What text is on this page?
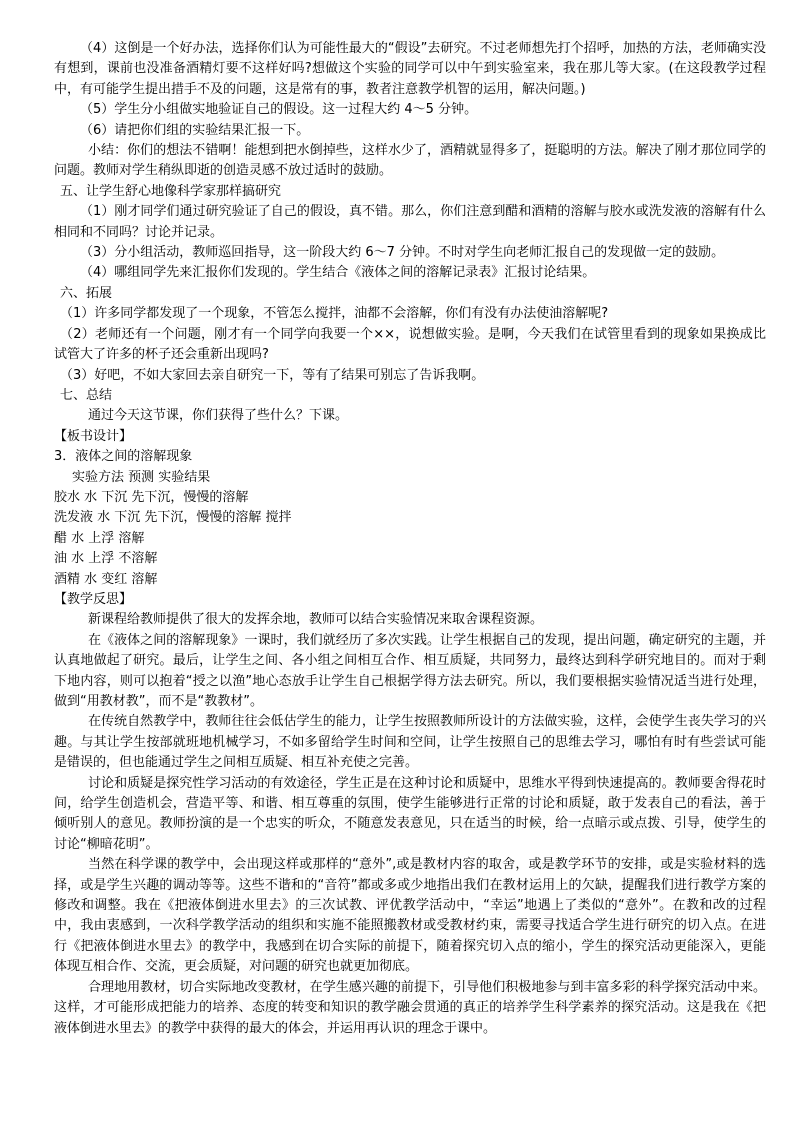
（4）这倒是一个好办法，选择你们认为可能性最大的“假设”去研究。不过老师想先打个招呼，加热的方法，老师确实没有想到，课前也没准备酒精灯要不这样好吗?想做这个实验的同学可以中午到实验室来，我在那儿等大家。(在这段教学过程中，有可能学生提出措手不及的问题，这是常有的事，教者注意教学机智的运用，解决问题。)

（5）学生分小组做实地验证自己的假设。这一过程大约 4～5 分钟。

（6）请把你们组的实验结果汇报一下。

小结：你们的想法不错啊！能想到把水倒掉些，这样水少了，酒精就显得多了，挺聪明的方法。解决了刚才那位同学的问题。教师对学生稍纵即逝的创造灵感不放过适时的鼓励。

五、让学生舒心地像科学家那样搞研究

（1）刚才同学们通过研究验证了自己的假设，真不错。那么，你们注意到醋和酒精的溶解与胶水或洗发液的溶解有什么相同和不同吗？讨论并记录。

（3）分小组活动，教师巡回指导，这一阶段大约 6～7 分钟。不时对学生向老师汇报自己的发现做一定的鼓励。

（4）哪组同学先来汇报你们发现的。学生结合《液体之间的溶解记录表》汇报讨论结果。

六、拓展

（1）许多同学都发现了一个现象，不管怎么搅拌，油都不会溶解，你们有没有办法使油溶解呢?

（2）老师还有一个问题，刚才有一个同学向我要一个××，说想做实验。是啊，今天我们在试管里看到的现象如果换成比试管大了许多的杯子还会重新出现吗?

（3）好吧，不如大家回去亲自研究一下，等有了结果可别忘了告诉我啊。

七、总结

通过今天这节课，你们获得了些什么？下课。

【板书设计】

3．液体之间的溶解现象

实验方法 预测 实验结果

胶水 水 下沉 先下沉，慢慢的溶解

洗发液 水 下沉 先下沉，慢慢的溶解 搅拌

醋 水 上浮 溶解

油 水 上浮 不溶解

酒精 水 变红 溶解

【教学反思】

新课程给教师提供了很大的发挥余地，教师可以结合实验情况来取舍课程资源。

在《液体之间的溶解现象》一课时，我们就经历了多次实践。让学生根据自己的发现，提出问题，确定研究的主题，并认真地做起了研究。最后，让学生之间、各小组之间相互合作、相互质疑，共同努力，最终达到科学研究地目的。而对于剩下地内容，则可以抱着“授之以渔”地心态放手让学生自己根据学得方法去研究。所以，我们要根据实验情况适当进行处理，做到“用教材教”，而不是“教教材”。

在传统自然教学中，教师往往会低估学生的能力，让学生按照教师所设计的方法做实验，这样，会使学生丧失学习的兴趣。与其让学生按部就班地机械学习，不如多留给学生时间和空间，让学生按照自己的思维去学习，哪怕有时有些尝试可能是错误的，但也能通过学生之间相互质疑、相互补充使之完善。

讨论和质疑是探究性学习活动的有效途径，学生正是在这种讨论和质疑中，思维水平得到快速提高的。教师要舍得花时间，给学生创造机会，营造平等、和谐、相互尊重的氛围，使学生能够进行正常的讨论和质疑，敢于发表自己的看法，善于倾听别人的意见。教师扮演的是一个忠实的听众，不随意发表意见，只在适当的时候，给一点暗示或点拨、引导，使学生的讨论“柳暗花明”。

当然在科学课的教学中，会出现这样或那样的“意外”,或是教材内容的取舍，或是教学环节的安排，或是实验材料的选择，或是学生兴趣的调动等等。这些不谐和的“音符”都或多或少地指出我们在教材运用上的欠缺，提醒我们进行教学方案的修改和调整。我在《把液体倒进水里去》的三次试教、评优教学活动中，“幸运”地遇上了类似的“意外”。在教和改的过程中，我由衷感到，一次科学教学活动的组织和实施不能照搬教材或受教材约束，需要寻找适合学生进行研究的切入点。在进行《把液体倒进水里去》的教学中，我感到在切合实际的前提下，随着探究切入点的缩小，学生的探究活动更能深入，更能体现互相合作、交流，更会质疑，对问题的研究也就更加彻底。

合理地用教材，切合实际地改变教材，在学生感兴趣的前提下，引导他们积极地参与到丰富多彩的科学探究活动中来。这样，才可能形成把能力的培养、态度的转变和知识的教学融会贯通的真正的培养学生科学素养的探究活动。这是我在《把液体倒进水里去》的教学中获得的最大的体会，并运用再认识的理念于课中。
